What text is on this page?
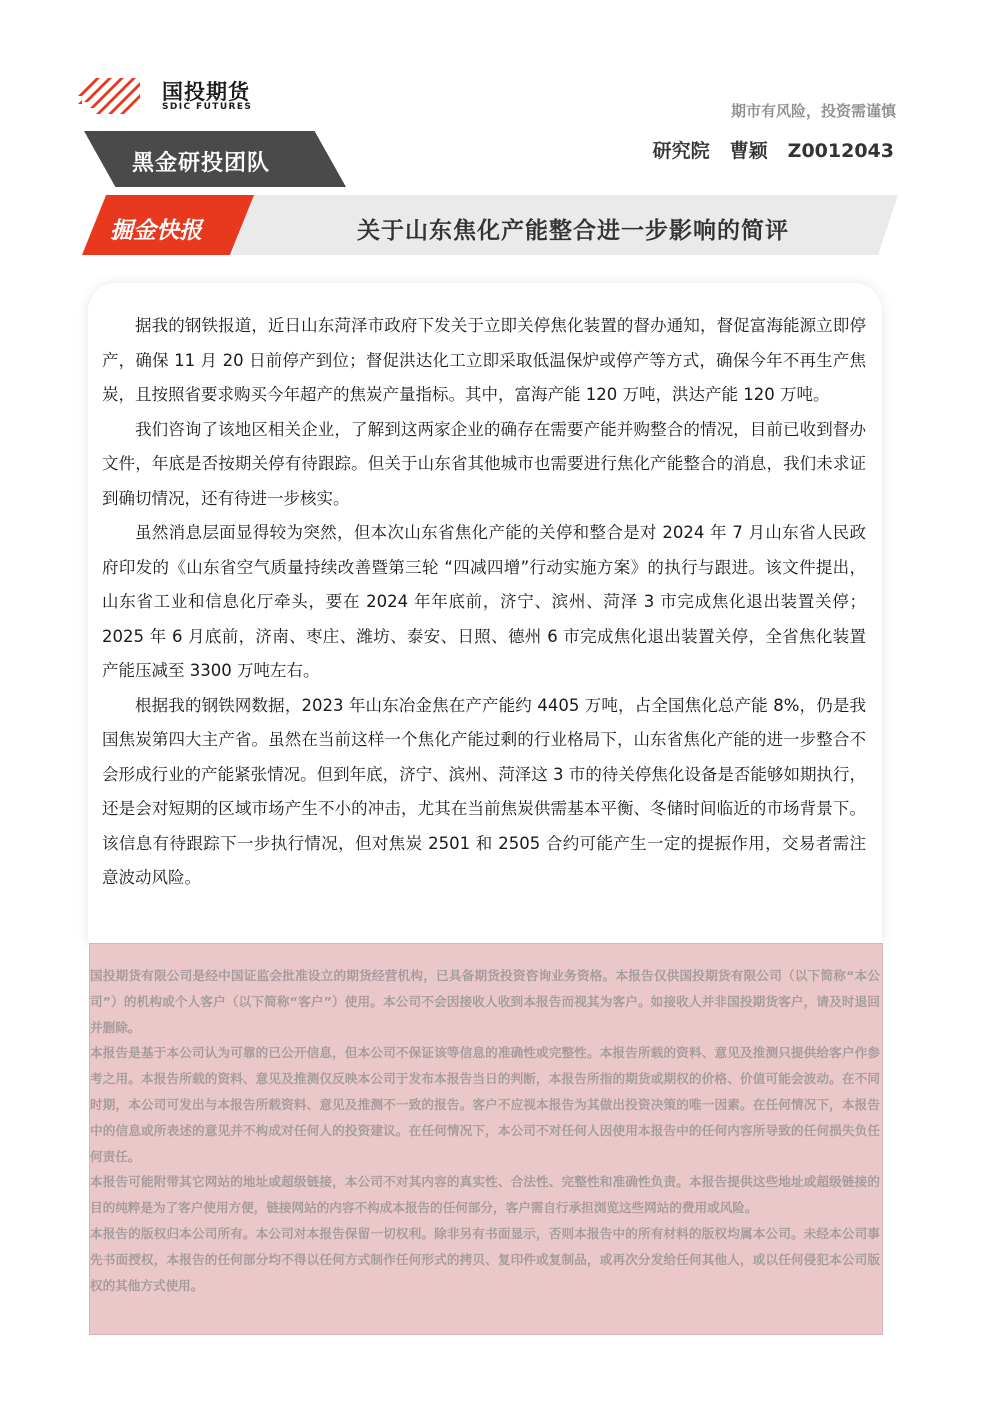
国投期货
SDIC FUTURES	期市有风险，投资需谨慎
研究院 曹颖 Z0012043
黑金研投团队
掘金快报	关于山东焦化产能整合进一步影响的简评

据我的钢铁报道，近日山东菏泽市政府下发关于立即关停焦化装置的督办通知，督促富海能源立即停产，确保 11 月 20 日前停产到位；督促洪达化工立即采取低温保炉或停产等方式，确保今年不再生产焦炭，且按照省要求购买今年超产的焦炭产量指标。其中，富海产能 120 万吨，洪达产能 120 万吨。

我们咨询了该地区相关企业，了解到这两家企业的确存在需要产能并购整合的情况，目前已收到督办文件，年底是否按期关停有待跟踪。但关于山东省其他城市也需要进行焦化产能整合的消息，我们未求证到确切情况，还有待进一步核实。

虽然消息层面显得较为突然，但本次山东省焦化产能的关停和整合是对 2024 年 7 月山东省人民政府印发的《山东省空气质量持续改善暨第三轮 “四减四增”行动实施方案》的执行与跟进。该文件提出，山东省工业和信息化厅牵头，要在 2024 年年底前，济宁、滨州、菏泽 3 市完成焦化退出装置关停；2025 年 6 月底前，济南、枣庄、潍坊、泰安、日照、德州 6 市完成焦化退出装置关停，全省焦化装置产能压减至 3300 万吨左右。

根据我的钢铁网数据，2023 年山东冶金焦在产产能约 4405 万吨，占全国焦化总产能 8%，仍是我国焦炭第四大主产省。虽然在当前这样一个焦化产能过剩的行业格局下，山东省焦化产能的进一步整合不会形成行业的产能紧张情况。但到年底，济宁、滨州、菏泽这 3 市的待关停焦化设备是否能够如期执行，还是会对短期的区域市场产生不小的冲击，尤其在当前焦炭供需基本平衡、冬储时间临近的市场背景下。该信息有待跟踪下一步执行情况，但对焦炭 2501 和 2505 合约可能产生一定的提振作用，交易者需注意波动风险。

国投期货有限公司是经中国证监会批准设立的期货经营机构，已具备期货投资咨询业务资格。本报告仅供国投期货有限公司（以下简称“本公司”）的机构或个人客户（以下简称“客户”）使用。本公司不会因接收人收到本报告而视其为客户。如接收人并非国投期货客户，请及时退回并删除。

本报告是基于本公司认为可靠的已公开信息，但本公司不保证该等信息的准确性或完整性。本报告所载的资料、意见及推测只提供给客户作参考之用。本报告所载的资料、意见及推测仅反映本公司于发布本报告当日的判断，本报告所指的期货或期权的价格、价值可能会波动。在不同时期，本公司可发出与本报告所载资料、意见及推测不一致的报告。客户不应视本报告为其做出投资决策的唯一因素。在任何情况下，本报告中的信息或所表述的意见并不构成对任何人的投资建议。在任何情况下，本公司不对任何人因使用本报告中的任何内容所导致的任何损失负任何责任。

本报告可能附带其它网站的地址或超级链接，本公司不对其内容的真实性、合法性、完整性和准确性负责。本报告提供这些地址或超级链接的目的纯粹是为了客户使用方便，链接网站的内容不构成本报告的任何部分，客户需自行承担浏览这些网站的费用或风险。

本报告的版权归本公司所有。本公司对本报告保留一切权利。除非另有书面显示，否则本报告中的所有材料的版权均属本公司。未经本公司事先书面授权，本报告的任何部分均不得以任何方式制作任何形式的拷贝、复印件或复制品，或再次分发给任何其他人，或以任何侵犯本公司版权的其他方式使用。
